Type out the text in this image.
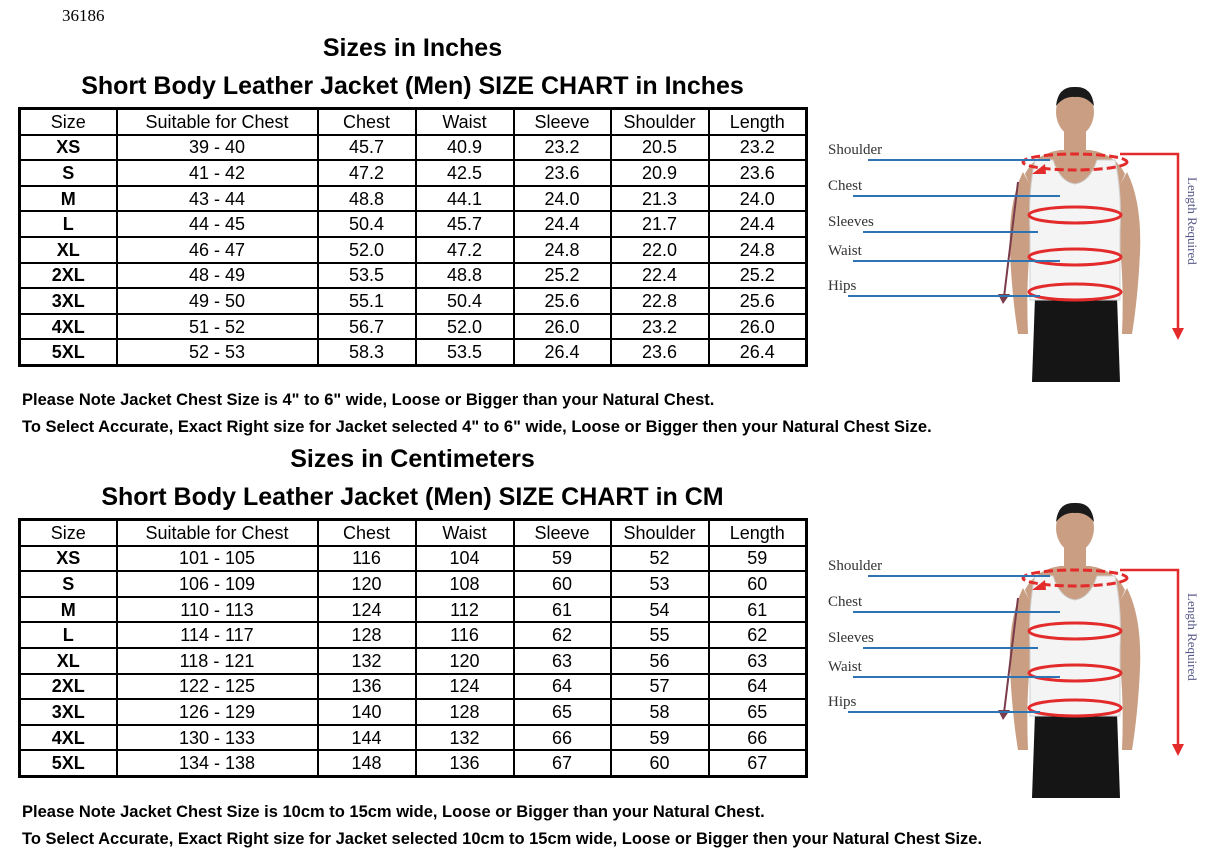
36186
Sizes in Inches
Short Body Leather Jacket (Men) SIZE CHART in Inches
Size	Suitable for Chest	Chest	Waist	Sleeve	Shoulder	Length
XS	39 - 40	45.7	40.9	23.2	20.5	23.2
S	41 - 42	47.2	42.5	23.6	20.9	23.6
M	43 - 44	48.8	44.1	24.0	21.3	24.0
L	44 - 45	50.4	45.7	24.4	21.7	24.4
XL	46 - 47	52.0	47.2	24.8	22.0	24.8
2XL	48 - 49	53.5	48.8	25.2	22.4	25.2
3XL	49 - 50	55.1	50.4	25.6	22.8	25.6
4XL	51 - 52	56.7	52.0	26.0	23.2	26.0
5XL	52 - 53	58.3	53.5	26.4	23.6	26.4
Please Note Jacket Chest Size is 4" to 6" wide, Loose or Bigger than your Natural Chest.
To Select Accurate, Exact Right size for Jacket selected 4" to 6" wide, Loose or Bigger then your Natural Chest Size.
Sizes in Centimeters
Short Body Leather Jacket (Men) SIZE CHART in CM
Size	Suitable for Chest	Chest	Waist	Sleeve	Shoulder	Length
XS	101 - 105	116	104	59	52	59
S	106 - 109	120	108	60	53	60
M	110 - 113	124	112	61	54	61
L	114 - 117	128	116	62	55	62
XL	118 - 121	132	120	63	56	63
2XL	122 - 125	136	124	64	57	64
3XL	126 - 129	140	128	65	58	65
4XL	130 - 133	144	132	66	59	66
5XL	134 - 138	148	136	67	60	67
Please Note Jacket Chest Size is 10cm to 15cm wide, Loose or Bigger than your Natural Chest.
To Select Accurate, Exact Right size for Jacket selected 10cm to 15cm wide, Loose or Bigger then your Natural Chest Size.
Shoulder
Chest
Sleeves
Waist
Hips
Length Required
Shoulder
Chest
Sleeves
Waist
Hips
Length Required
